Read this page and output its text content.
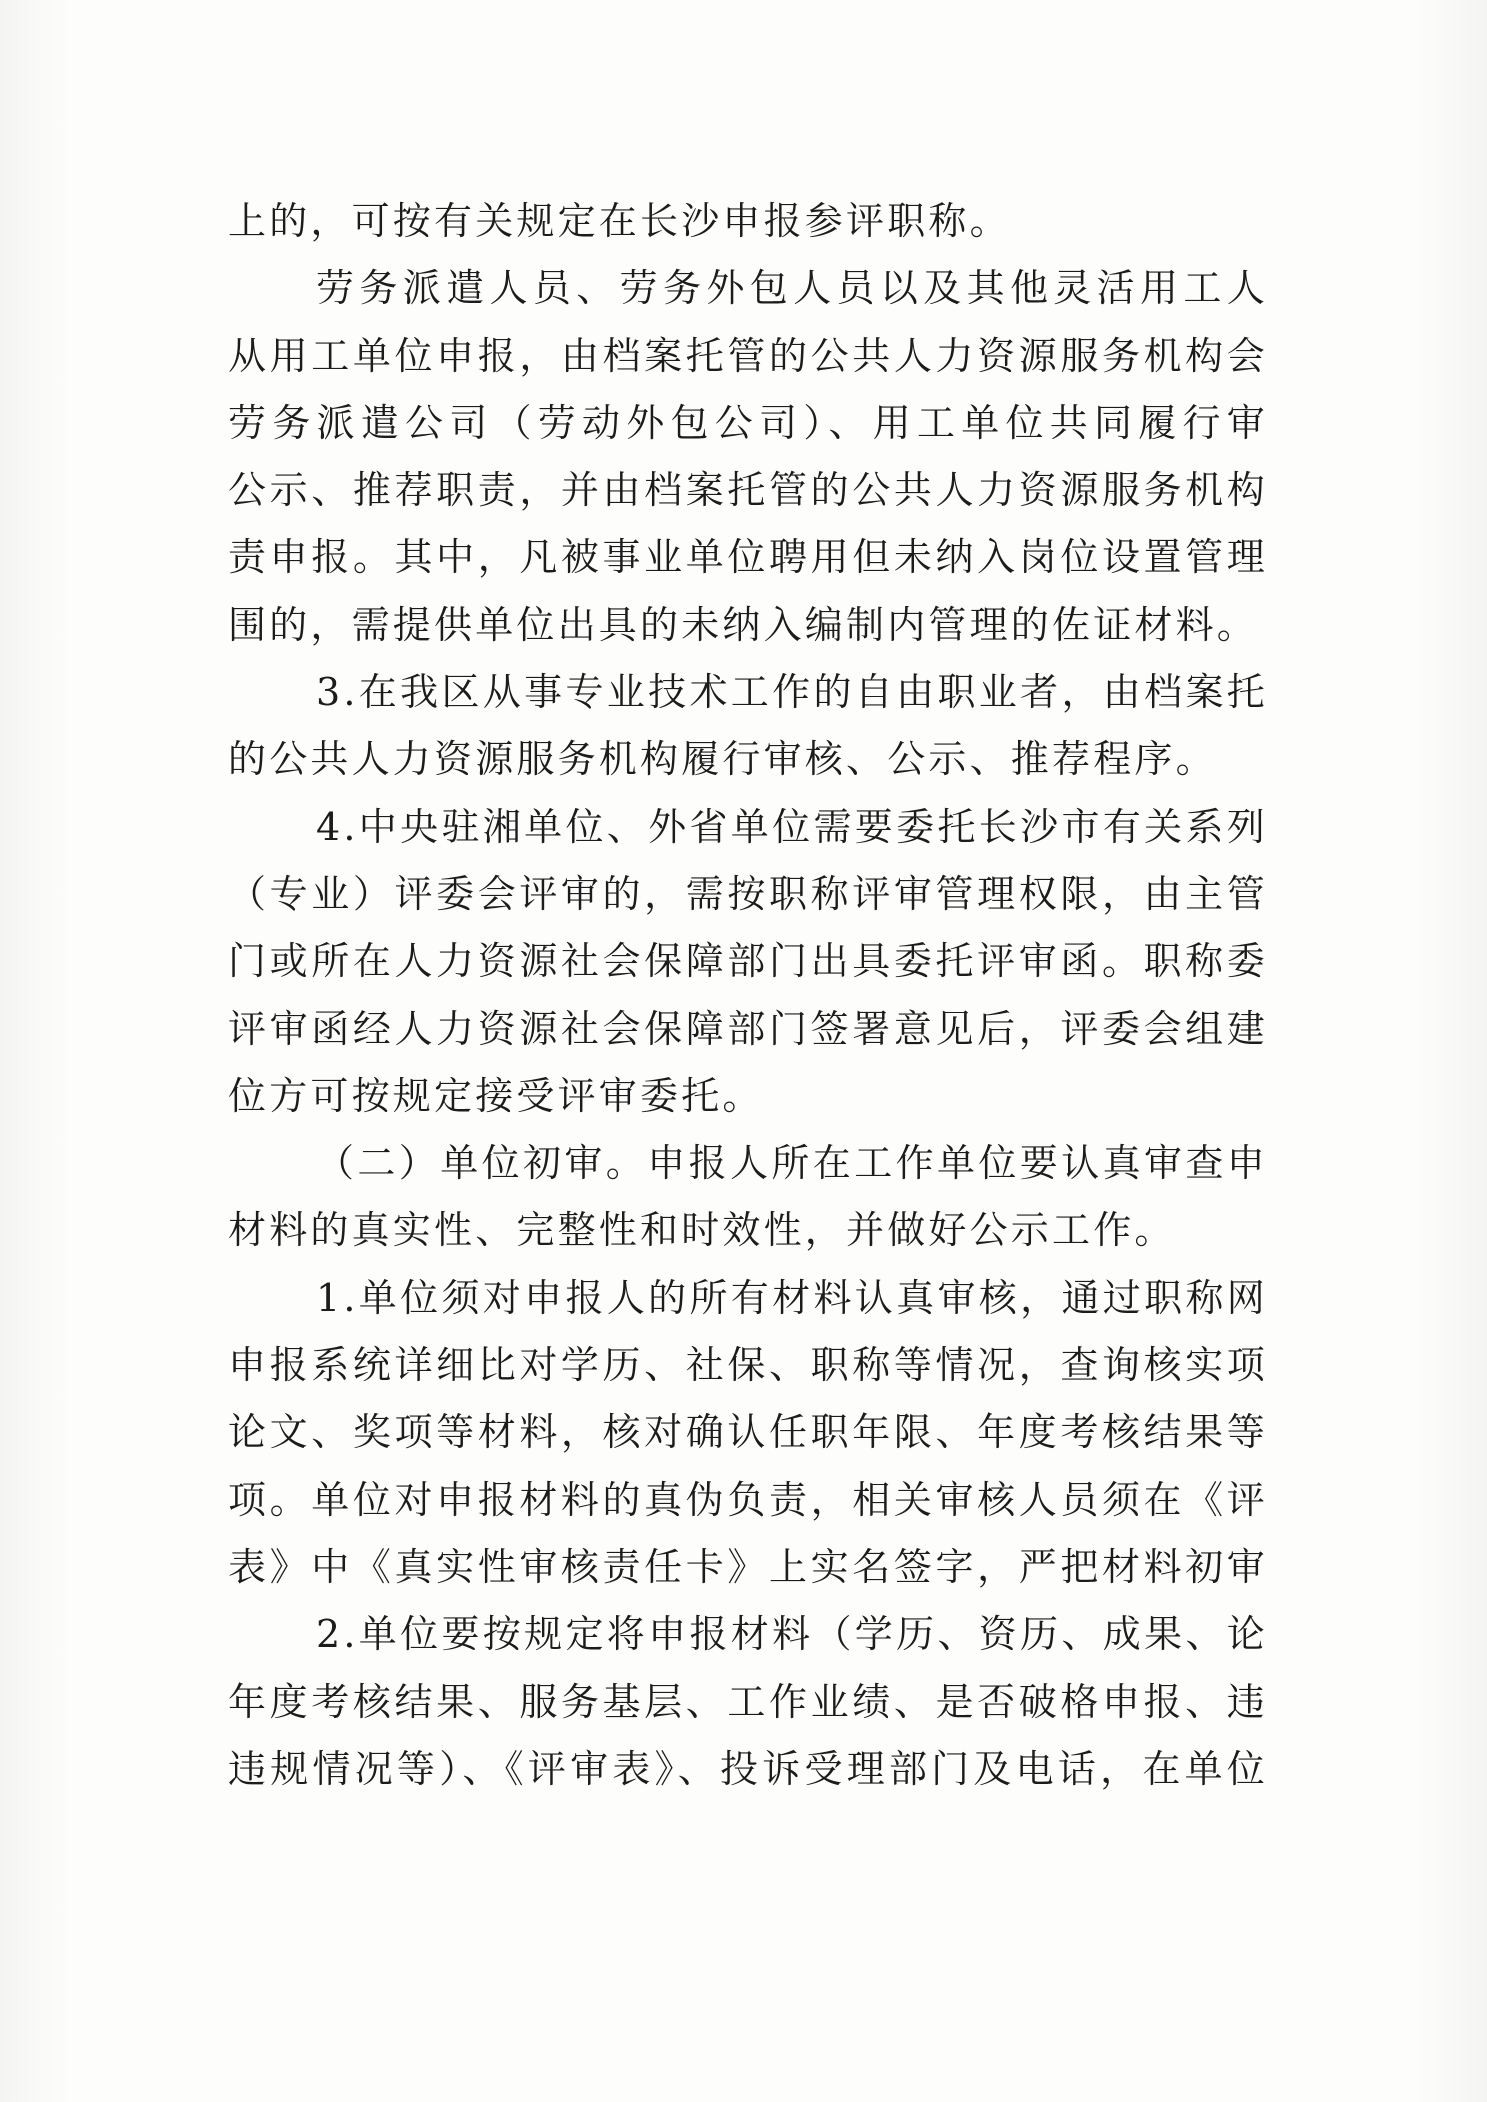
上的，可按有关规定在长沙申报参评职称。
劳务派遣人员、劳务外包人员以及其他灵活用工人
从用工单位申报，由档案托管的公共人力资源服务机构会
劳务派遣公司（劳动外包公司）、用工单位共同履行审
公示、推荐职责，并由档案托管的公共人力资源服务机构
责申报。其中，凡被事业单位聘用但未纳入岗位设置管理
围的，需提供单位出具的未纳入编制内管理的佐证材料。
3.在我区从事专业技术工作的自由职业者，由档案托
的公共人力资源服务机构履行审核、公示、推荐程序。
4.中央驻湘单位、外省单位需要委托长沙市有关系列
（专业）评委会评审的，需按职称评审管理权限，由主管
门或所在人力资源社会保障部门出具委托评审函。职称委
评审函经人力资源社会保障部门签署意见后，评委会组建
位方可按规定接受评审委托。
（二）单位初审。申报人所在工作单位要认真审查申
材料的真实性、完整性和时效性，并做好公示工作。
1.单位须对申报人的所有材料认真审核，通过职称网
申报系统详细比对学历、社保、职称等情况，查询核实项
论文、奖项等材料，核对确认任职年限、年度考核结果等
项。单位对申报材料的真伪负责，相关审核人员须在《评
表》中《真实性审核责任卡》上实名签字，严把材料初审
2.单位要按规定将申报材料（学历、资历、成果、论
年度考核结果、服务基层、工作业绩、是否破格申报、违
违规情况等）、《评审表》、投诉受理部门及电话，在单位
